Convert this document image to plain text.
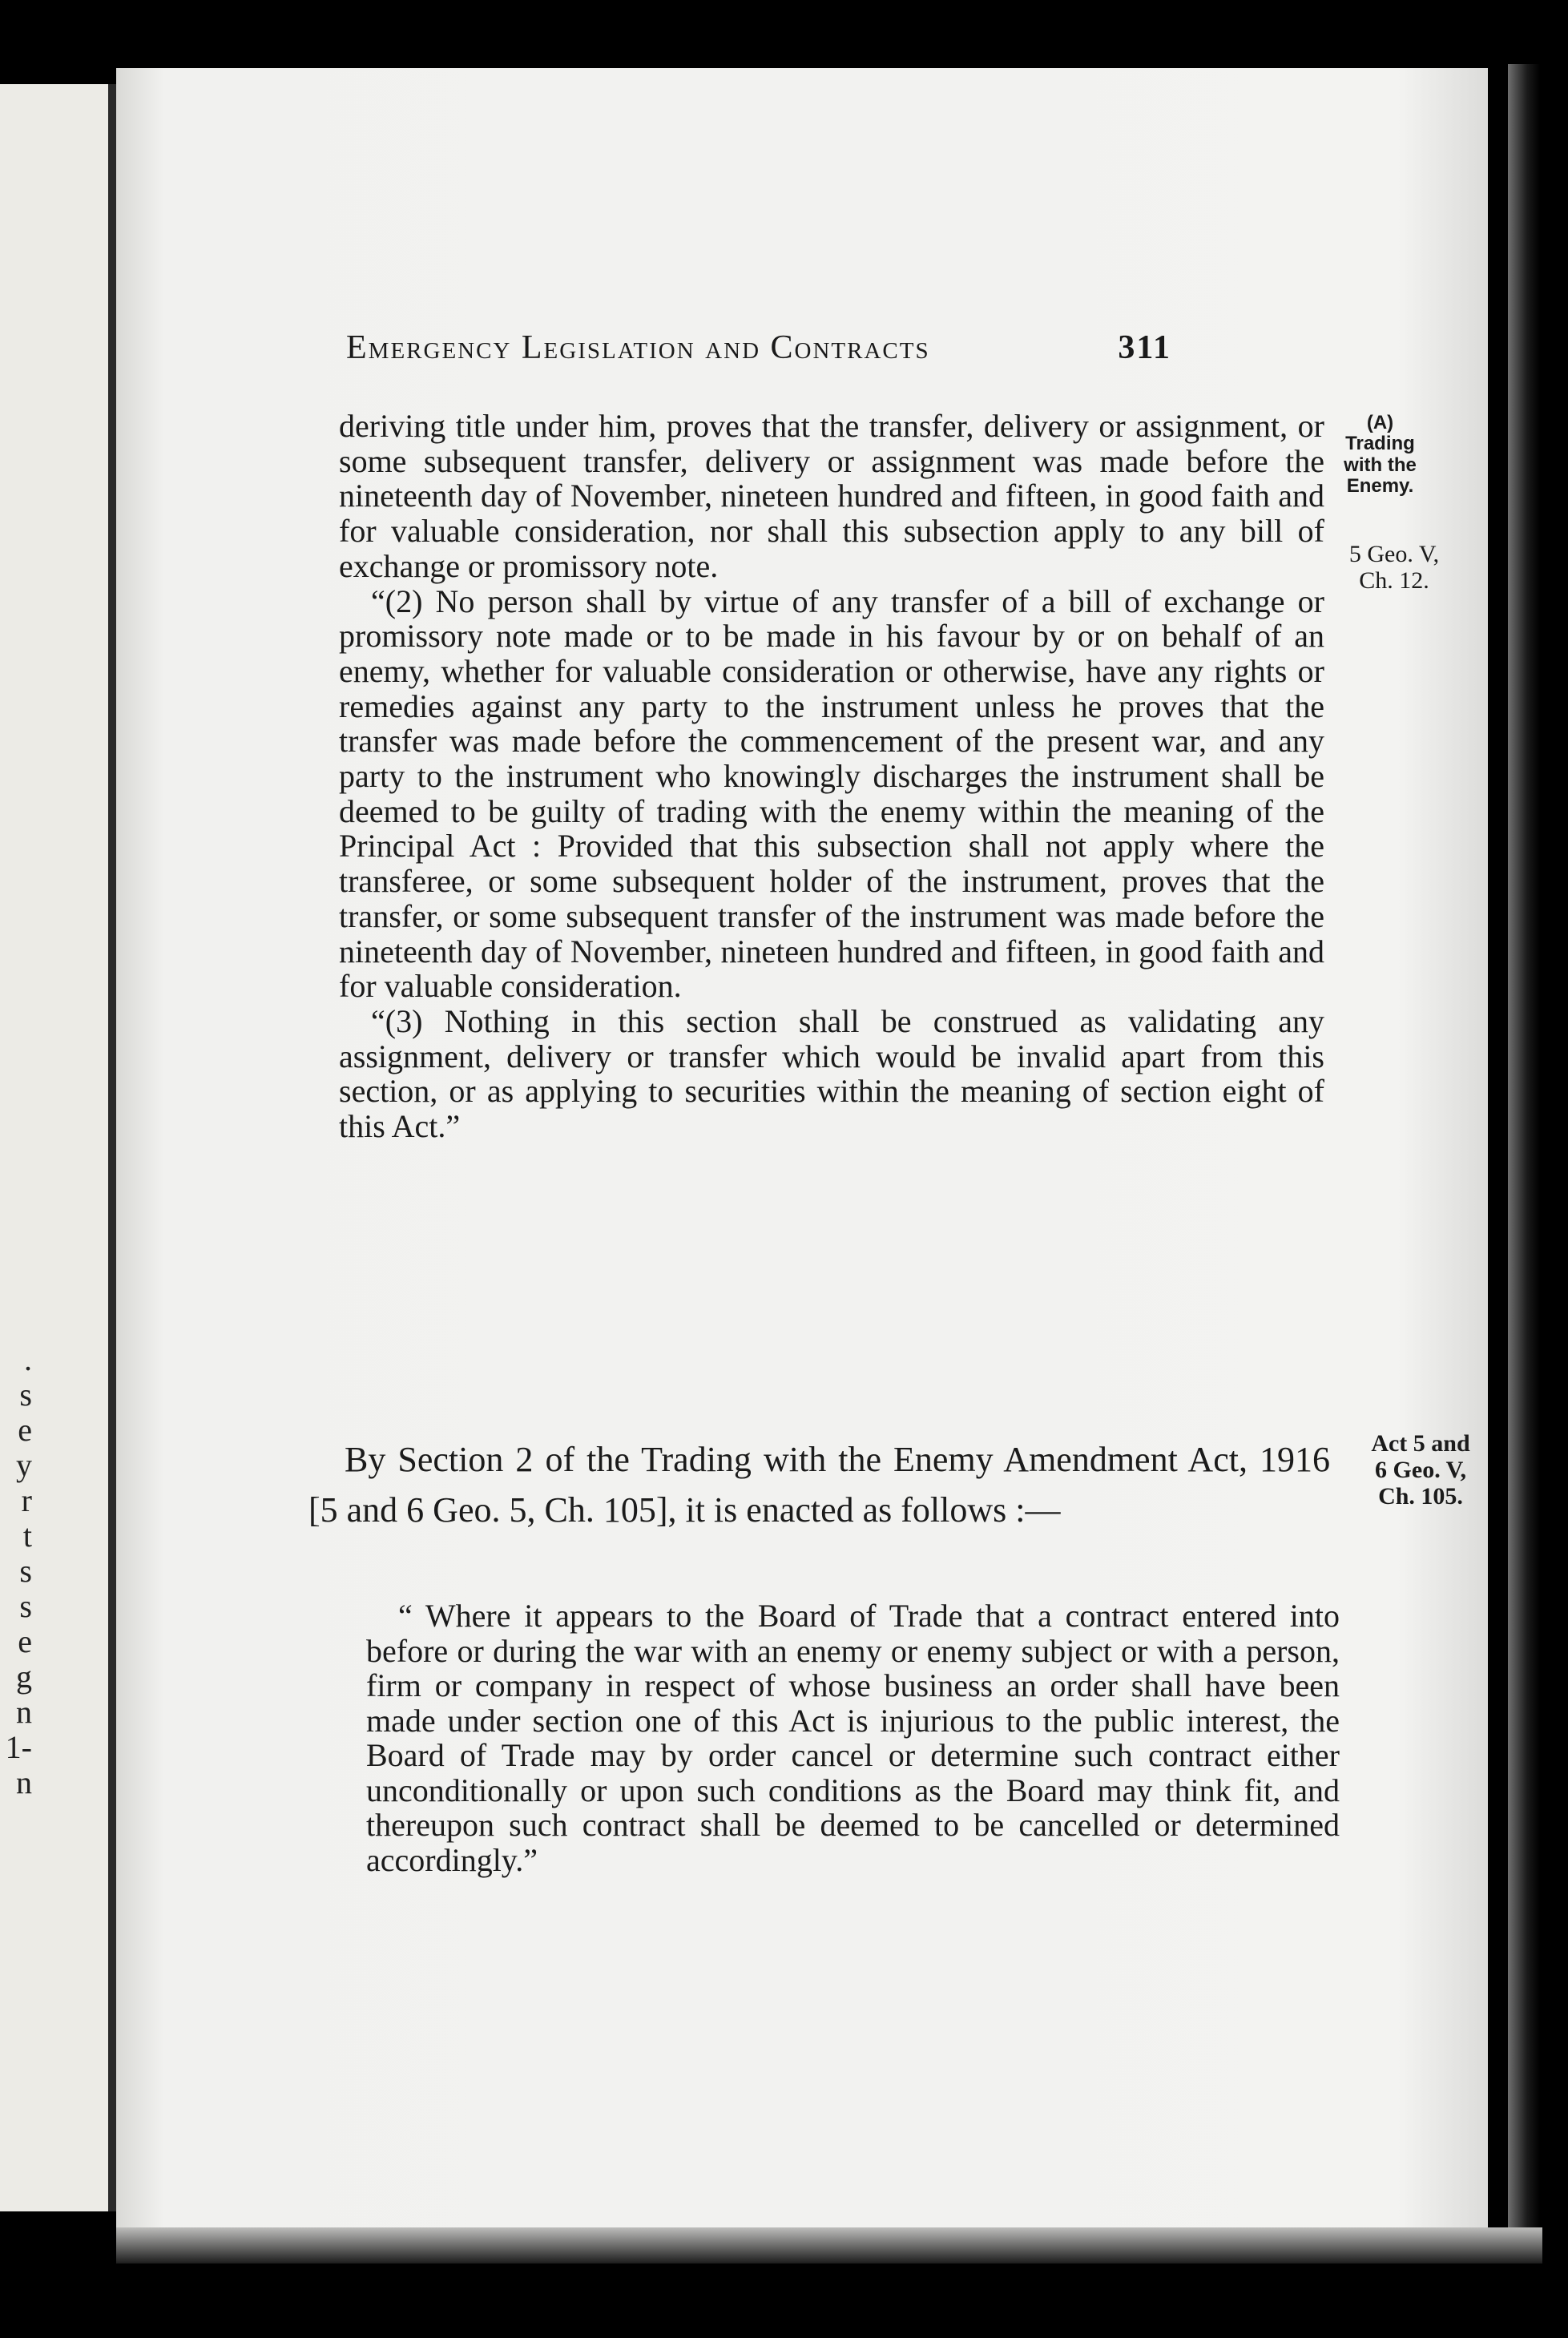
.
s
e
y
r
t
s
s
e
g
n
1-
n
Emergency Legislation and Contracts	311

deriving title under him, proves that the transfer, delivery or assignment, or some subsequent transfer, delivery or assignment was made before the nineteenth day of November, nineteen hundred and fifteen, in good faith and for valuable consideration, nor shall this subsection apply to any bill of exchange or promissory note.

“(2) No person shall by virtue of any transfer of a bill of exchange or promissory note made or to be made in his favour by or on behalf of an enemy, whether for valuable consideration or otherwise, have any rights or remedies against any party to the instrument unless he proves that the transfer was made before the commencement of the present war, and any party to the instrument who knowingly discharges the instrument shall be deemed to be guilty of trading with the enemy within the meaning of the Principal Act : Provided that this subsection shall not apply where the transferee, or some subsequent holder of the instrument, proves that the transfer, or some subsequent transfer of the instrument was made before the nineteenth day of November, nineteen hundred and fifteen, in good faith and for valuable consideration.

“(3) Nothing in this section shall be construed as validating any assignment, delivery or transfer which would be invalid apart from this section, or as applying to securities within the meaning of section eight of this Act.”

(A)
Trading
with the
Enemy.
5 Geo. V,
Ch. 12.

By Section 2 of the Trading with the Enemy Amendment Act, 1916 [5 and 6 Geo. 5, Ch. 105], it is enacted as follows :—

Act 5 and
6 Geo. V,
Ch. 105.

“ Where it appears to the Board of Trade that a contract entered into before or during the war with an enemy or enemy subject or with a person, firm or company in respect of whose business an order shall have been made under section one of this Act is injurious to the public interest, the Board of Trade may by order cancel or determine such contract either unconditionally or upon such conditions as the Board may think fit, and thereupon such contract shall be deemed to be cancelled or determined accordingly.”
